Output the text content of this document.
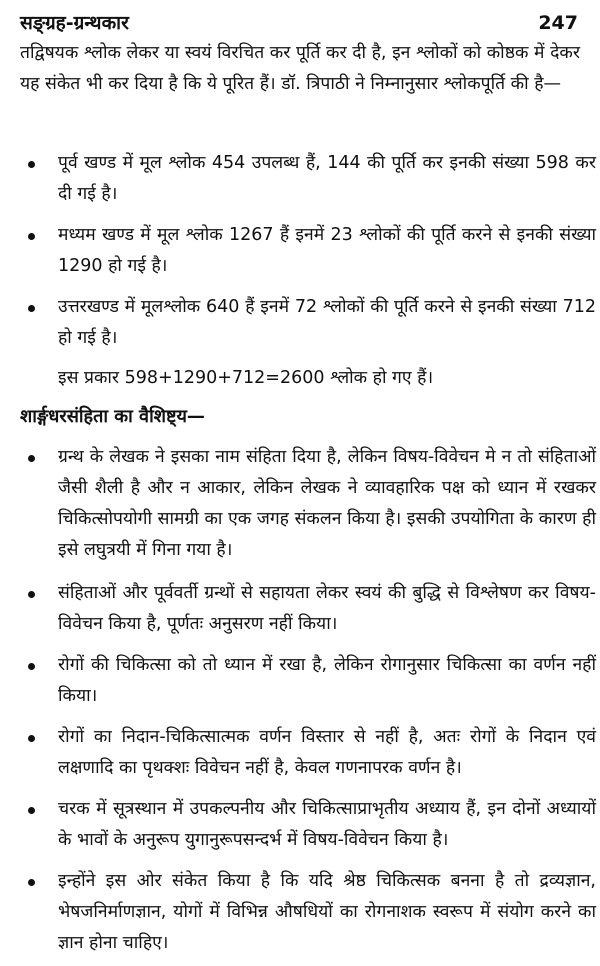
सङ्ग्रह-ग्रन्थकार	247

तद्विषयक श्लोक लेकर या स्वयं विरचित कर पूर्ति कर दी है, इन श्लोकों को कोष्ठक में देकर यह संकेत भी कर दिया है कि ये पूरित हैं। डॉ. त्रिपाठी ने निम्नानुसार श्लोकपूर्ति की है—

पूर्व खण्ड में मूल श्लोक 454 उपलब्ध हैं, 144 की पूर्ति कर इनकी संख्या 598 कर दी गई है।
मध्यम खण्ड में मूल श्लोक 1267 हैं इनमें 23 श्लोकों की पूर्ति करने से इनकी संख्या 1290 हो गई है।
उत्तरखण्ड में मूलश्लोक 640 हैं इनमें 72 श्लोकों की पूर्ति करने से इनकी संख्या 712 हो गई है।
इस प्रकार 598+1290+712=2600 श्लोक हो गए हैं।
शार्ङ्गधरसंहिता का वैशिष्ट्य—
ग्रन्थ के लेखक ने इसका नाम संहिता दिया है, लेकिन विषय-विवेचन मे न तो संहिताओं जैसी शैली है और न आकार, लेकिन लेखक ने व्यावहारिक पक्ष को ध्यान में रखकर चिकित्सोपयोगी सामग्री का एक जगह संकलन किया है। इसकी उपयोगिता के कारण ही इसे लघुत्रयी में गिना गया है।
संहिताओं और पूर्ववर्ती ग्रन्थों से सहायता लेकर स्वयं की बुद्धि से विश्लेषण कर विषय-विवेचन किया है, पूर्णतः अनुसरण नहीं किया।
रोगों की चिकित्सा को तो ध्यान में रखा है, लेकिन रोगानुसार चिकित्सा का वर्णन नहीं किया।
रोगों का निदान-चिकित्सात्मक वर्णन विस्तार से नहीं है, अतः रोगों के निदान एवं लक्षणादि का पृथक्शः विवेचन नहीं है, केवल गणनापरक वर्णन है।
चरक में सूत्रस्थान में उपकल्पनीय और चिकित्साप्राभृतीय अध्याय हैं, इन दोनों अध्यायों के भावों के अनुरूप युगानुरूपसन्दर्भ में विषय-विवेचन किया है।
इन्होंने इस ओर संकेत किया है कि यदि श्रेष्ठ चिकित्सक बनना है तो द्रव्यज्ञान, भेषजनिर्माणज्ञान, योगों में विभिन्न औषधियों का रोगनाशक स्वरूप में संयोग करने का ज्ञान होना चाहिए।
